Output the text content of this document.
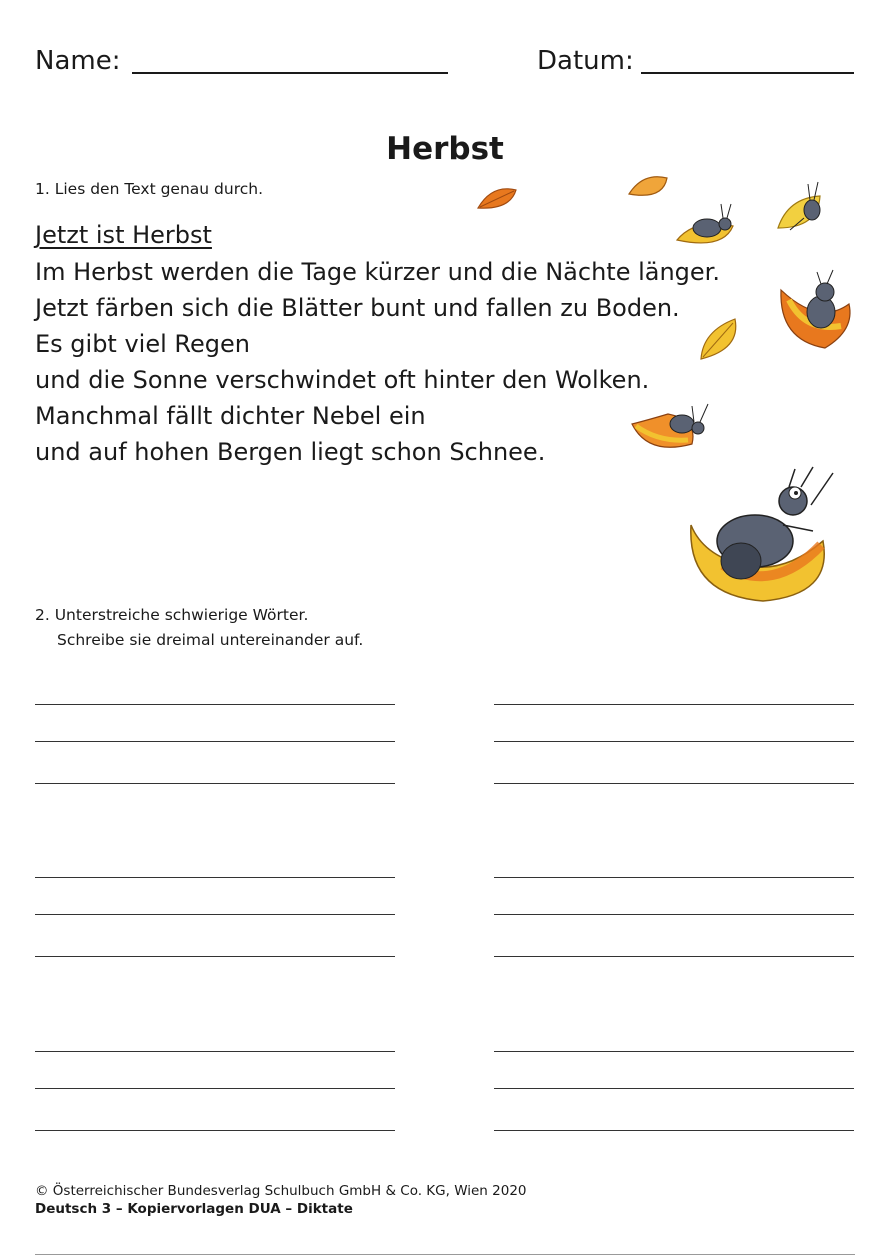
Name:	Datum:
Herbst
1. Lies den Text genau durch.
Jetzt ist Herbst
Im Herbst werden die Tage kürzer und die Nächte länger.
Jetzt färben sich die Blätter bunt und fallen zu Boden.
Es gibt viel Regen
und die Sonne verschwindet oft hinter den Wolken.
Manchmal fällt dichter Nebel ein
und auf hohen Bergen liegt schon Schnee.
2. Unterstreiche schwierige Wörter.
Schreibe sie dreimal untereinander auf.
© Österreichischer Bundesverlag Schulbuch GmbH & Co. KG, Wien 2020
Deutsch 3 – Kopiervorlagen DUA – Diktate
